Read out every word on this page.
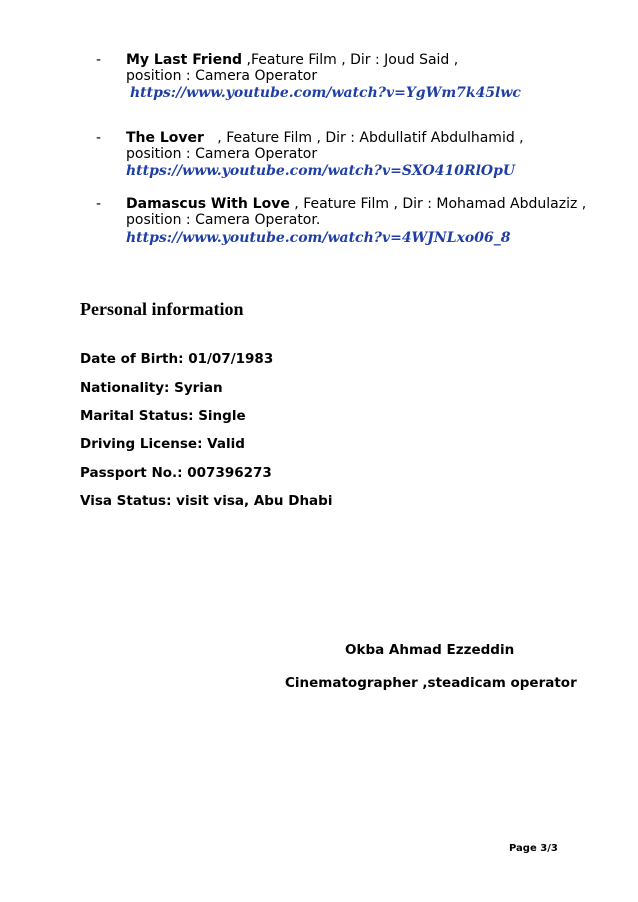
- My Last Friend ,Feature Film , Dir : Joud Said ,
position : Camera Operator
https://www.youtube.com/watch?v=YgWm7k45lwc
- The Lover   , Feature Film , Dir : Abdullatif Abdulhamid ,
position : Camera Operator
https://www.youtube.com/watch?v=SXO410RlOpU
- Damascus With Love , Feature Film , Dir : Mohamad Abdulaziz ,
position : Camera Operator.
https://www.youtube.com/watch?v=4WJNLxo06_8
Personal information
Date of Birth: 01/07/1983
Nationality: Syrian
Marital Status: Single
Driving License: Valid
Passport No.: 007396273
Visa Status: visit visa, Abu Dhabi
Okba Ahmad Ezzeddin
Cinematographer ,steadicam operator
Page 3/3
